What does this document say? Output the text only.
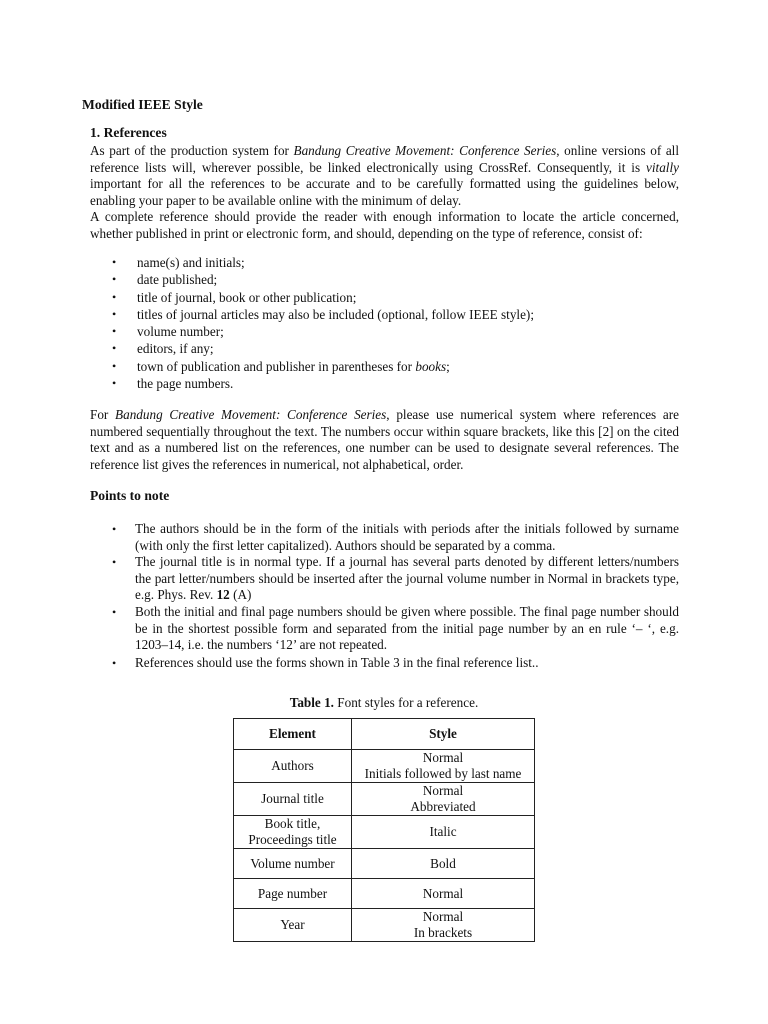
Modified IEEE Style
1. References
As part of the production system for Bandung Creative Movement: Conference Series, online versions of all reference lists will, wherever possible, be linked electronically using CrossRef. Consequently, it is vitally important for all the references to be accurate and to be carefully formatted using the guidelines below, enabling your paper to be available online with the minimum of delay.
A complete reference should provide the reader with enough information to locate the article concerned, whether published in print or electronic form, and should, depending on the type of reference, consist of:
• name(s) and initials;
• date published;
• title of journal, book or other publication;
• titles of journal articles may also be included (optional, follow IEEE style);
• volume number;
• editors, if any;
• town of publication and publisher in parentheses for books;
• the page numbers.
For Bandung Creative Movement: Conference Series, please use numerical system where references are numbered sequentially throughout the text. The numbers occur within square brackets, like this [2] on the cited text and as a numbered list on the references, one number can be used to designate several references. The reference list gives the references in numerical, not alphabetical, order.
Points to note
• The authors should be in the form of the initials with periods after the initials followed by surname (with only the first letter capitalized). Authors should be separated by a comma.
• The journal title is in normal type. If a journal has several parts denoted by different letters/numbers the part letter/numbers should be inserted after the journal volume number in Normal in brackets type, e.g. Phys. Rev. 12 (A)
• Both the initial and final page numbers should be given where possible. The final page number should be in the shortest possible form and separated from the initial page number by an en rule ‘– ‘, e.g. 1203–14, i.e. the numbers ‘12’ are not repeated.
• References should use the forms shown in Table 3 in the final reference list..
Table 1. Font styles for a reference.
Element	Style
Authors	Normal
Initials followed by last name

Journal title	Normal
Abbreviated

Book title,
Proceedings title	Italic
Volume number	Bold
Page number	Normal
Year	Normal
In brackets
